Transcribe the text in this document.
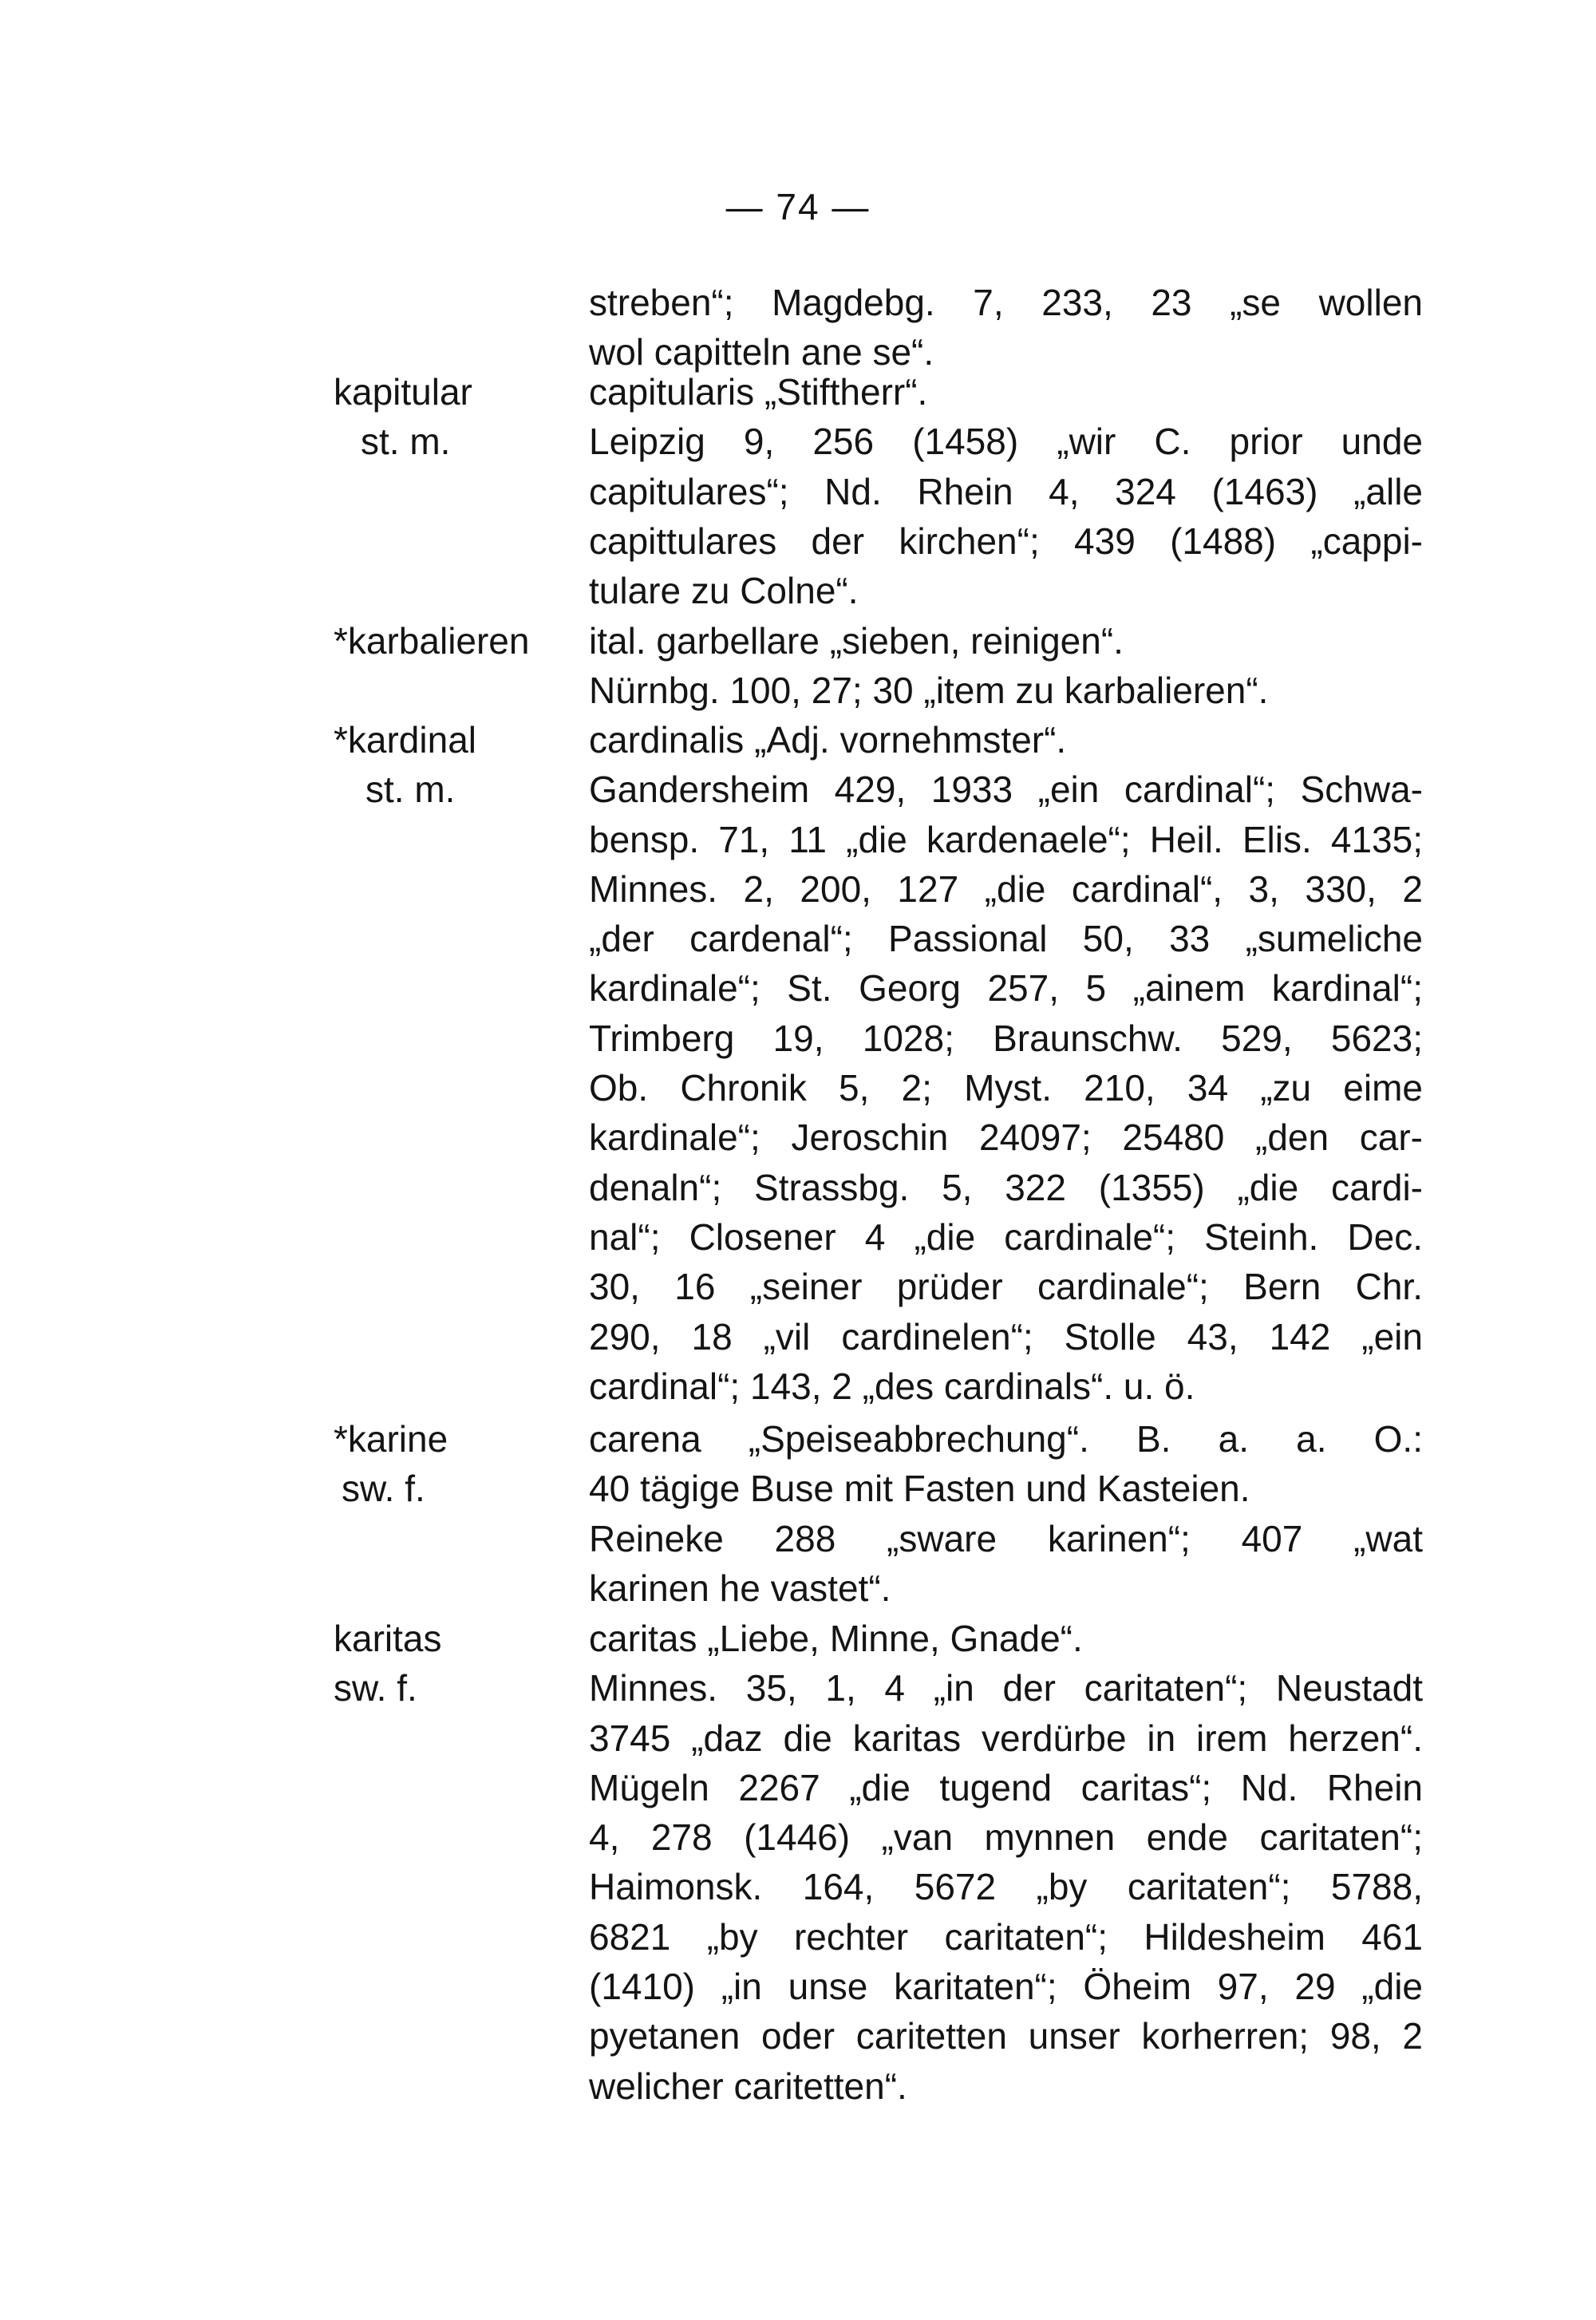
— 74 —
streben“; Magdebg. 7, 233, 23 „se wollen
wol capitteln ane se“.
kapitular
st. m.
capitularis „Stiftherr“.
Leipzig 9, 256 (1458) „wir C. prior unde
capitulares“; Nd. Rhein 4, 324 (1463) „alle
capittulares der kirchen“; 439 (1488) „cappi-
tulare zu Colne“.
*karbalieren	ital. garbellare „sieben, reinigen“.
Nürnbg. 100, 27; 30 „item zu karbalieren“.
*kardinal
st. m.
cardinalis „Adj. vornehmster“.
Gandersheim 429, 1933 „ein cardinal“; Schwa-
bensp. 71, 11 „die kardenaele“; Heil. Elis. 4135;
Minnes. 2, 200, 127 „die cardinal“, 3, 330, 2
„der cardenal“; Passional 50, 33 „sumeliche
kardinale“; St. Georg 257, 5 „ainem kardinal“;
Trimberg 19, 1028; Braunschw. 529, 5623;
Ob. Chronik 5, 2; Myst. 210, 34 „zu eime
kardinale“; Jeroschin 24097; 25480 „den car-
denaln“; Strassbg. 5, 322 (1355) „die cardi-
nal“; Closener 4 „die cardinale“; Steinh. Dec.
30, 16 „seiner prüder cardinale“; Bern Chr.
290, 18 „vil cardinelen“; Stolle 43, 142 „ein
cardinal“; 143, 2 „des cardinals“. u. ö.
*karine
sw. f.
carena „Speiseabbrechung“. B. a. a. O.:
40 tägige Buse mit Fasten und Kasteien.
Reineke 288 „sware karinen“; 407 „wat
karinen he vastet“.
karitas
sw. f.
caritas „Liebe, Minne, Gnade“.
Minnes. 35, 1, 4 „in der caritaten“; Neustadt
3745 „daz die karitas verdürbe in irem herzen“.
Mügeln 2267 „die tugend caritas“; Nd. Rhein
4, 278 (1446) „van mynnen ende caritaten“;
Haimonsk. 164, 5672 „by caritaten“; 5788,
6821 „by rechter caritaten“; Hildesheim 461
(1410) „in unse karitaten“; Öheim 97, 29 „die
pyetanen oder caritetten unser korherren; 98, 2
welicher caritetten“.
